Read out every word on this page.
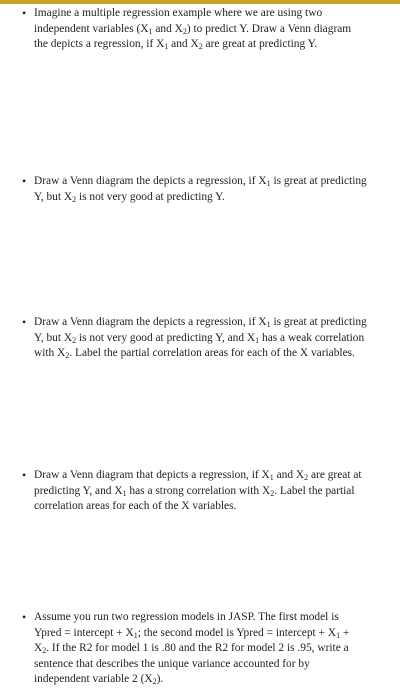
• Imagine a multiple regression example where we are using two
independent variables ($X_1$ and $X_2$) to predict Y. Draw a Venn diagram
the depicts a regression, if $X_1$ and $X_2$ are great at predicting Y.
• Draw a Venn diagram the depicts a regression, if $X_1$ is great at predicting
Y, but $X_2$ is not very good at predicting Y.
• Draw a Venn diagram the depicts a regression, if $X_1$ is great at predicting
Y, but $X_2$ is not very good at predicting Y, and $X_1$ has a weak correlation
with $X_2$. Label the partial correlation areas for each of the X variables.
• Draw a Venn diagram that depicts a regression, if $X_1$ and $X_2$ are great at
predicting Y, and $X_1$ has a strong correlation with $X_2$. Label the partial
correlation areas for each of the X variables.
• Assume you run two regression models in JASP. The first model is
Ypred = intercept + $X_1$; the second model is Ypred = intercept + $X_1$ +
$X_2$. If the R2 for model 1 is .80 and the R2 for model 2 is .95, write a
sentence that describes the unique variance accounted for by
independent variable 2 $(X_2)$.
